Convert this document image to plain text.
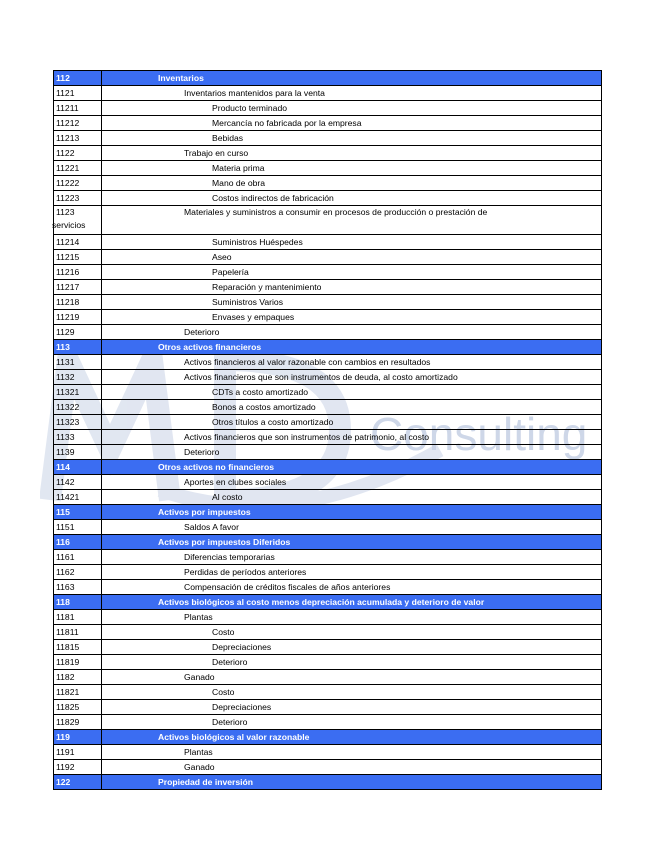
Consulting
112	Inventarios
1121	Inventarios mantenidos para la venta
11211	Producto terminado
11212	Mercancía no fabricada por la empresa
11213	Bebidas
1122	Trabajo en curso
11221	Materia prima
11222	Mano de obra
11223	Costos indirectos de fabricación
1123	Materiales y suministros a consumir en procesos de producción o prestación de
servicios

11214	Suministros Huéspedes
11215	Aseo
11216	Papelería
11217	Reparación y mantenimiento
11218	Suministros Varios
11219	Envases y empaques
1129	Deterioro
113	Otros activos financieros
1131	Activos financieros al valor razonable con cambios en resultados
1132	Activos financieros que son instrumentos de deuda, al costo amortizado
11321	CDTs a costo amortizado
11322	Bonos a costos amortizado
11323	Otros títulos a costo amortizado
1133	Activos financieros que son instrumentos de patrimonio, al costo
1139	Deterioro
114	Otros activos no financieros
1142	Aportes en clubes sociales
11421	Al costo
115	Activos por impuestos
1151	Saldos A favor
116	Activos por impuestos Diferidos
1161	Diferencias temporarias
1162	Perdidas de períodos anteriores
1163	Compensación de créditos fiscales de años anteriores
118	Activos biológicos al costo menos depreciación acumulada y deterioro de valor
1181	Plantas
11811	Costo
11815	Depreciaciones
11819	Deterioro
1182	Ganado
11821	Costo
11825	Depreciaciones
11829	Deterioro
119	Activos biológicos al valor razonable
1191	Plantas
1192	Ganado
122	Propiedad de inversión
